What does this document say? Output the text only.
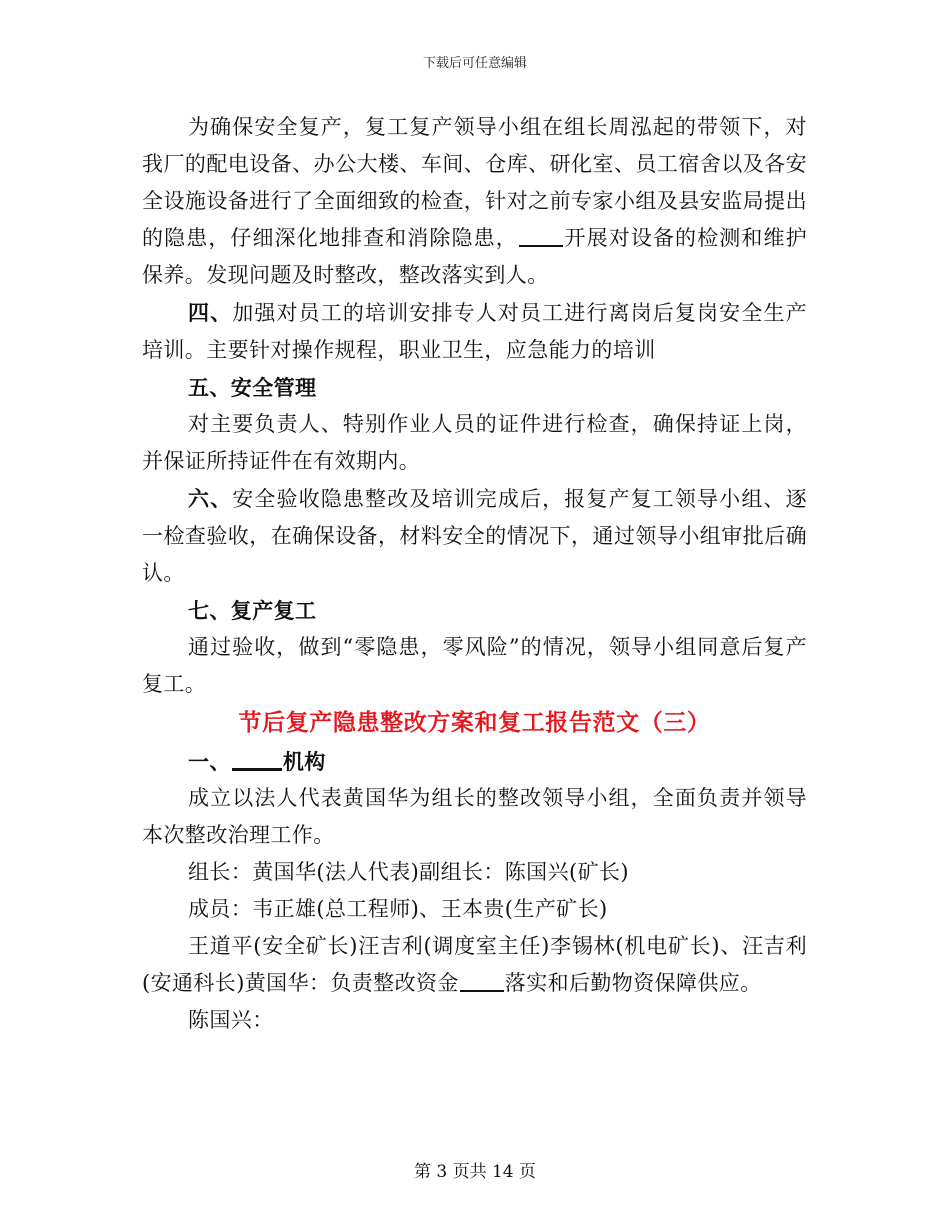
下载后可任意编辑

为确保安全复产，复工复产领导小组在组长周泓起的带领下，对我厂的配电设备、办公大楼、车间、仓库、研化室、员工宿舍以及各安全设施设备进行了全面细致的检查，针对之前专家小组及县安监局提出的隐患，仔细深化地排查和消除隐患， 开展对设备的检测和维护保养。发现问题及时整改，整改落实到人。

四、加强对员工的培训安排专人对员工进行离岗后复岗安全生产培训。主要针对操作规程，职业卫生，应急能力的培训

五、安全管理

对主要负责人、特别作业人员的证件进行检查，确保持证上岗，并保证所持证件在有效期内。

六、安全验收隐患整改及培训完成后，报复产复工领导小组、逐一检查验收，在确保设备，材料安全的情况下，通过领导小组审批后确认。

七、复产复工

通过验收，做到“零隐患，零风险”的情况，领导小组同意后复产复工。

节后复产隐患整改方案和复工报告范文（三）

一、 机构

成立以法人代表黄国华为组长的整改领导小组，全面负责并领导本次整改治理工作。

组长：黄国华(法人代表)副组长：陈国兴(矿长)

成员：韦正雄(总工程师)、王本贵(生产矿长)

王道平(安全矿长)汪吉利(调度室主任)李锡林(机电矿长)、汪吉利(安通科长)黄国华：负责整改资金 落实和后勤物资保障供应。

陈国兴：

第 3 页共 14 页
